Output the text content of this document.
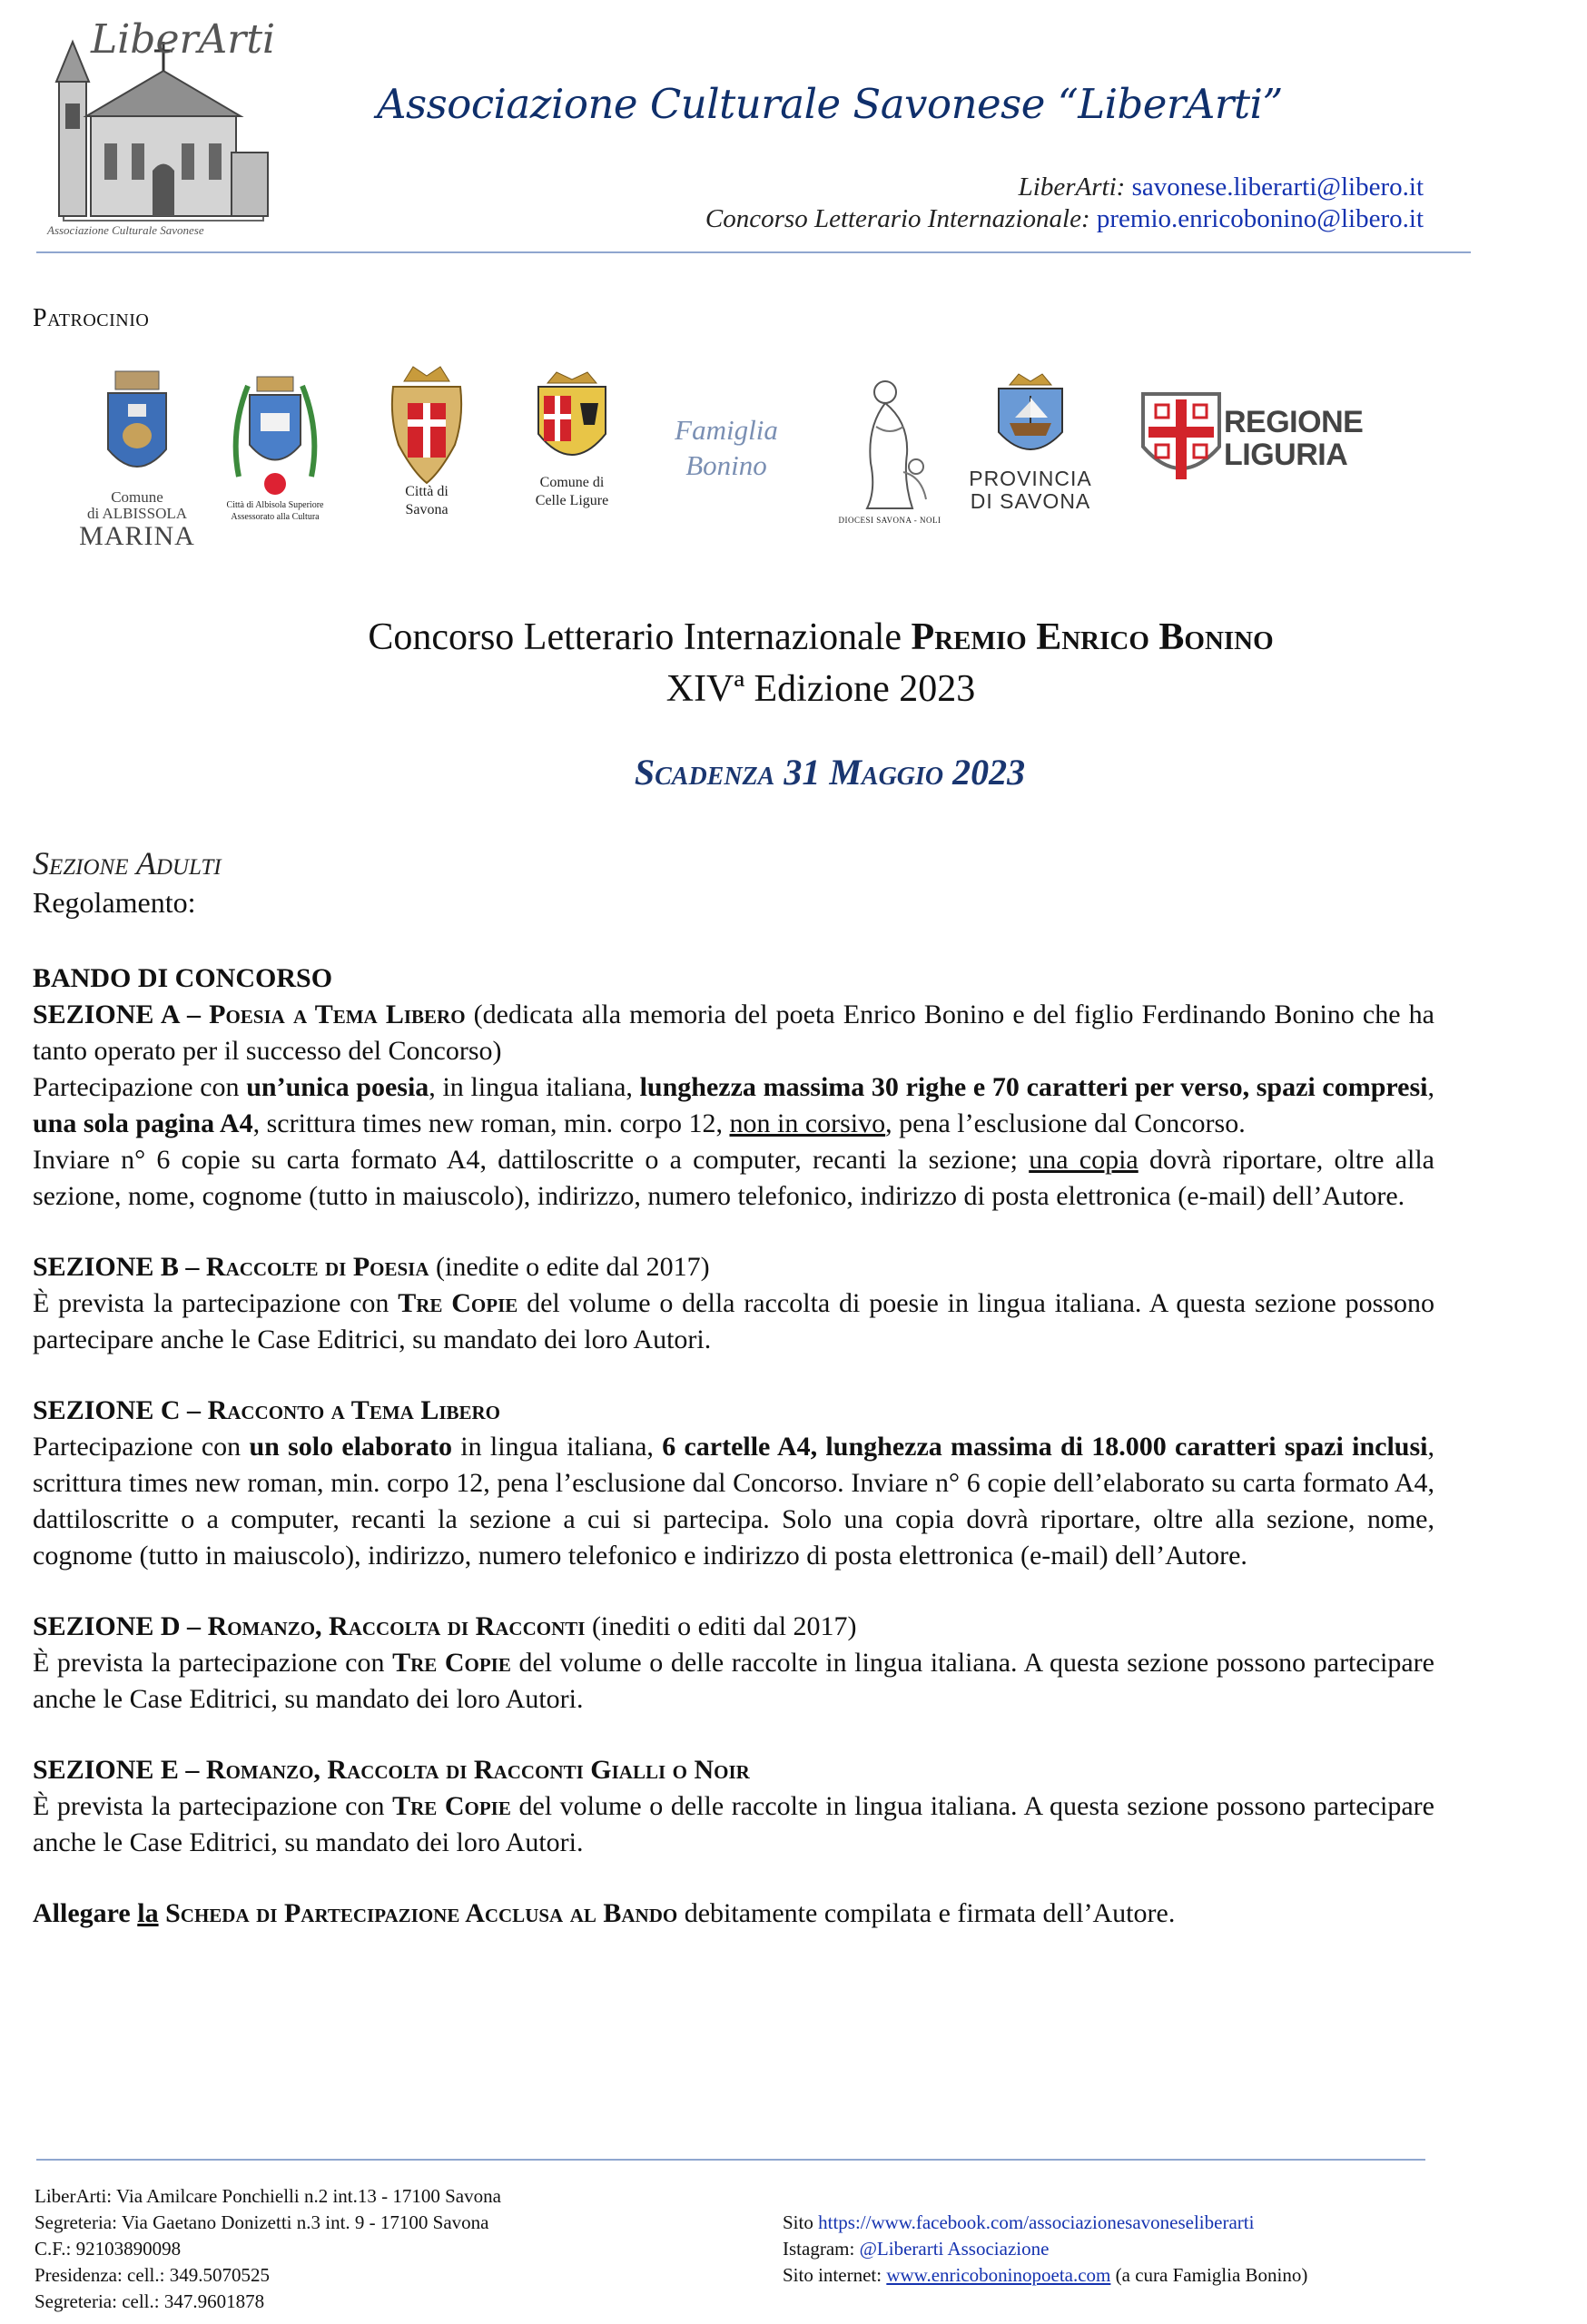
LiberArti
Associazione Culturale Savonese
Associazione Culturale Savonese “LiberArti”
LiberArti: savonese.liberarti@libero.it
Concorso Letterario Internazionale: premio.enricobonino@libero.it
Patrocinio
Comune
di ALBISSOLA
MARINA
Città di Albisola Superiore Assessorato alla Cultura
Città di
Savona
Comune di
Celle Ligure
Famiglia
Bonino
DIOCESI SAVONA - NOLI
PROVINCIA
DI SAVONA
REGIONE
LIGURIA
Concorso Letterario Internazionale Premio Enrico Bonino
XIVª Edizione 2023
Scadenza 31 Maggio 2023
Sezione Adulti
Regolamento:

BANDO DI CONCORSO

SEZIONE A – Poesia a Tema Libero (dedicata alla memoria del poeta Enrico Bonino e del figlio Ferdinando Bonino che ha tanto operato per il successo del Concorso)

Partecipazione con un’unica poesia, in lingua italiana, lunghezza massima 30 righe e 70 caratteri per verso, spazi compresi, una sola pagina A4, scrittura times new roman, min. corpo 12, non in corsivo, pena l’esclusione dal Concorso.

Inviare n° 6 copie su carta formato A4, dattiloscritte o a computer, recanti la sezione; una copia dovrà riportare, oltre alla sezione, nome, cognome (tutto in maiuscolo), indirizzo, numero telefonico, indirizzo di posta elettronica (e-mail) dell’Autore.

SEZIONE B – Raccolte di Poesia (inedite o edite dal 2017)

È prevista la partecipazione con Tre Copie del volume o della raccolta di poesie in lingua italiana. A questa sezione possono partecipare anche le Case Editrici, su mandato dei loro Autori.

SEZIONE C – Racconto a Tema Libero

Partecipazione con un solo elaborato in lingua italiana, 6 cartelle A4, lunghezza massima di 18.000 caratteri spazi inclusi, scrittura times new roman, min. corpo 12, pena l’esclusione dal Concorso. Inviare n° 6 copie dell’elaborato su carta formato A4, dattiloscritte o a computer, recanti la sezione a cui si partecipa. Solo una copia dovrà riportare, oltre alla sezione, nome, cognome (tutto in maiuscolo), indirizzo, numero telefonico e indirizzo di posta elettronica (e-mail) dell’Autore.

SEZIONE D – Romanzo, Raccolta di Racconti (inediti o editi dal 2017)

È prevista la partecipazione con Tre Copie del volume o delle raccolte in lingua italiana. A questa sezione possono partecipare anche le Case Editrici, su mandato dei loro Autori.

SEZIONE E – Romanzo, Raccolta di Racconti Gialli o Noir

È prevista la partecipazione con Tre Copie del volume o delle raccolte in lingua italiana. A questa sezione possono partecipare anche le Case Editrici, su mandato dei loro Autori.

Allegare la Scheda di Partecipazione Acclusa al Bando debitamente compilata e firmata dell’Autore.

LiberArti: Via Amilcare Ponchielli n.2 int.13 - 17100 Savona
Segreteria: Via Gaetano Donizetti n.3 int. 9 - 17100 Savona
C.F.: 92103890098
Presidenza: cell.: 349.5070525
Segreteria: cell.: 347.9601878
Sito https://www.facebook.com/associazionesavoneseliberarti
Istagram: @Liberarti Associazione
Sito internet: www.enricoboninopoeta.com (a cura Famiglia Bonino)
